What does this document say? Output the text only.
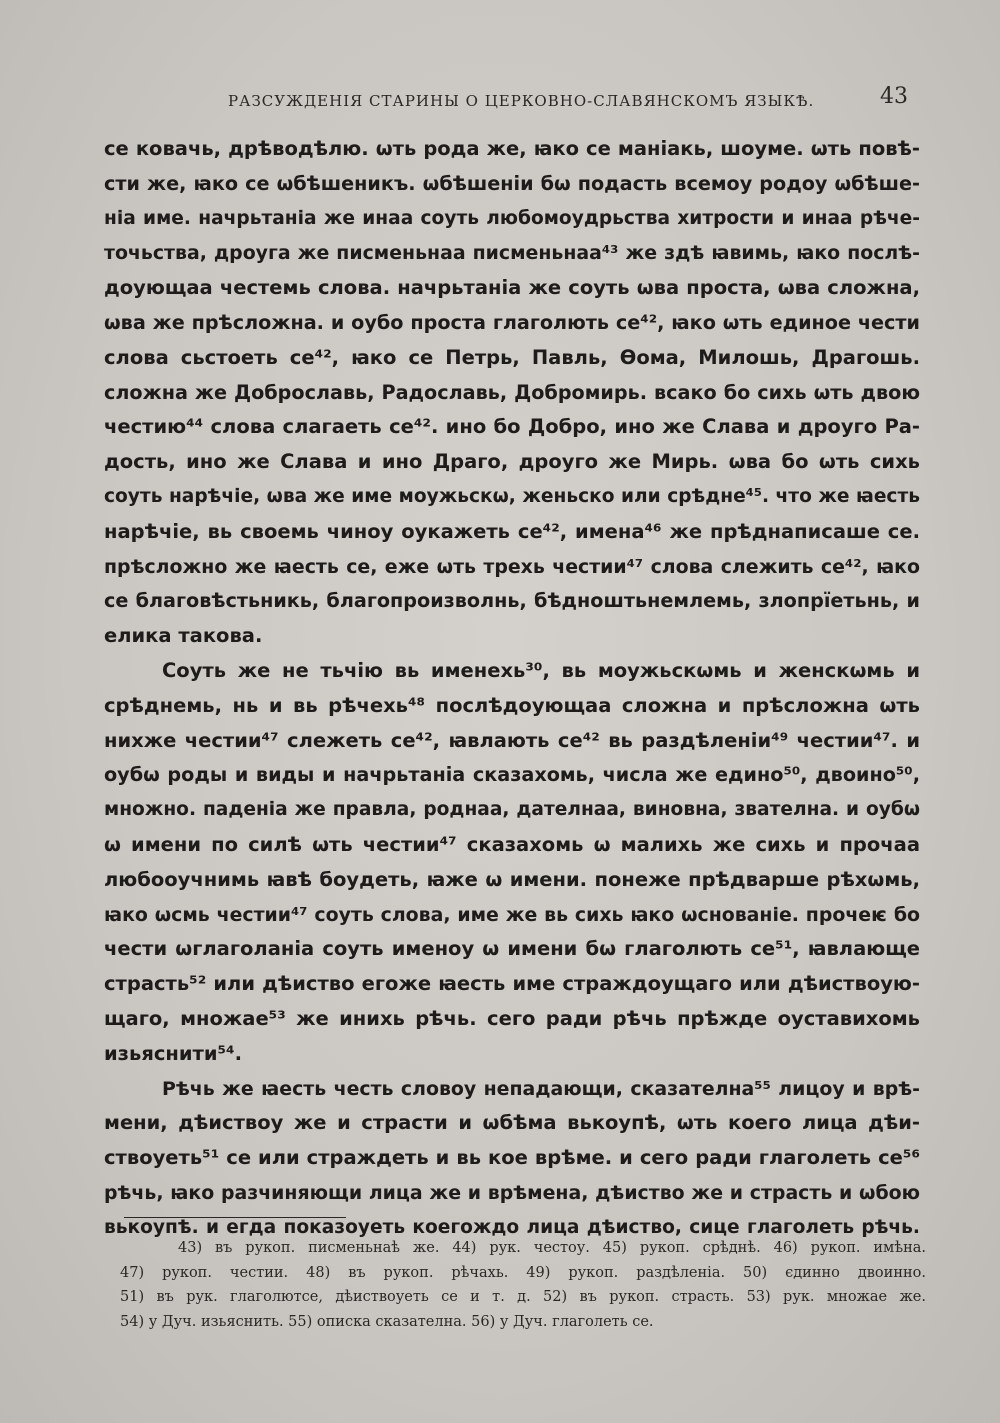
РАЗСУЖДЕНІЯ СТАРИНЫ О ЦЕРКОВНО-СЛАВЯНСКОМЪ ЯЗЫКѢ.	43
се ковачь, дрѣводѣлю. ѡть рода же, ꙗко се маніакь, шоуме. ѡть повѣ-
сти же, ꙗко се ѡбѣшеникъ. ѡбѣшеніи бѡ подасть всемоу родоу ѡбѣше-
ніа име. начрьтаніа же инаа соуть любомоудрьства хитрости и инаа рѣче-
точьства, дроуга же писменьнаа писменьнаа⁴³ же здѣ ꙗвимь, ꙗко послѣ-
доующаа честемь слова. начрьтаніа же соуть ѡва проста, ѡва сложна,
ѡва же прѣсложна. и оубо проста глаголють се⁴², ꙗко ѡть единое чести
слова сьстоеть се⁴², ꙗко се Петрь, Павль, Ѳома, Милошь, Драгошь.
сложна же Доброславь, Радославь, Добромирь. всако бо сихь ѡть двою
честию⁴⁴ слова слагаеть се⁴². ино бо Добро, ино же Слава и дроуго Ра-
дость, ино же Слава и ино Драго, дроуго же Мирь. ѡва бо ѡть сихь
соуть нарѣчіе, ѡва же име моужьскѡ, женьско или срѣдне⁴⁵. что же ꙗесть
нарѣчіе, вь своемь чиноу оукажеть се⁴², имена⁴⁶ же прѣднаписаше се.
прѣсложно же ꙗесть се, еже ѡть трехь честии⁴⁷ слова слежить се⁴², ꙗко
се благовѣстьникь, благопроизволнь, бѣдноштьнемлемь, злопрїетьнь, и
елика такова.
Соуть же не тьчію вь именехь³⁰, вь моужьскѡмь и женскѡмь и
срѣднемь, нь и вь рѣчехь⁴⁸ послѣдоующаа сложна и прѣсложна ѡть
нихже честии⁴⁷ слежеть се⁴², ꙗвлають се⁴² вь раздѣленіи⁴⁹ честии⁴⁷. и
оубѡ роды и виды и начрьтаніа сказахомь, числа же едино⁵⁰, двоино⁵⁰,
множно. паденіа же правла, роднаа, дателнаа, виновна, звателна. и оубѡ
ѡ имени по силѣ ѡть честии⁴⁷ сказахомь ѡ малихь же сихь и прочаа
любооучнимь ꙗвѣ боудеть, ꙗже ѡ имени. понеже прѣдварше рѣхѡмь,
ꙗко ѡсмь честии⁴⁷ соуть слова, име же вь сихь ꙗко ѡснованіе. прочеѥ бо
чести ѡглаголаніа соуть именоу ѡ имени бѡ глаголють се⁵¹, ꙗвлающе
страсть⁵² или дѣиство егоже ꙗесть име страждоущаго или дѣиствоую-
щаго, множае⁵³ же инихь рѣчь. сего ради рѣчь прѣжде оуставихомь
изьяснити⁵⁴.
Рѣчь же ꙗесть честь словоу непадающи, сказателна⁵⁵ лицоу и врѣ-
мени, дѣиствоу же и страсти и ѡбѣма вькоупѣ, ѡть коего лица дѣи-
ствоуеть⁵¹ се или страждеть и вь кое врѣме. и сего ради глаголеть се⁵⁶
рѣчь, ꙗко разчиняющи лица же и врѣмена, дѣиство же и страсть и ѡбою
вькоупѣ. и егда показоуеть коегождо лица дѣиство, сице глаголеть рѣчь.
43) въ рукоп. писменьнаѣ же. 44) рук. честоу. 45) рукоп. срѣднѣ. 46) рукоп. имѣна.
47) рукоп. честии. 48) въ рукоп. рѣчахь. 49) рукоп. раздѣленіа. 50) єдинно двоинно.
51) въ рук. глаголютсе, дѣиствоуеть се и т. д. 52) въ рукоп. страсть. 53) рук. множае же.
54) у Дуч. изьяснить. 55) описка сказателна. 56) у Дуч. глаголеть се.
